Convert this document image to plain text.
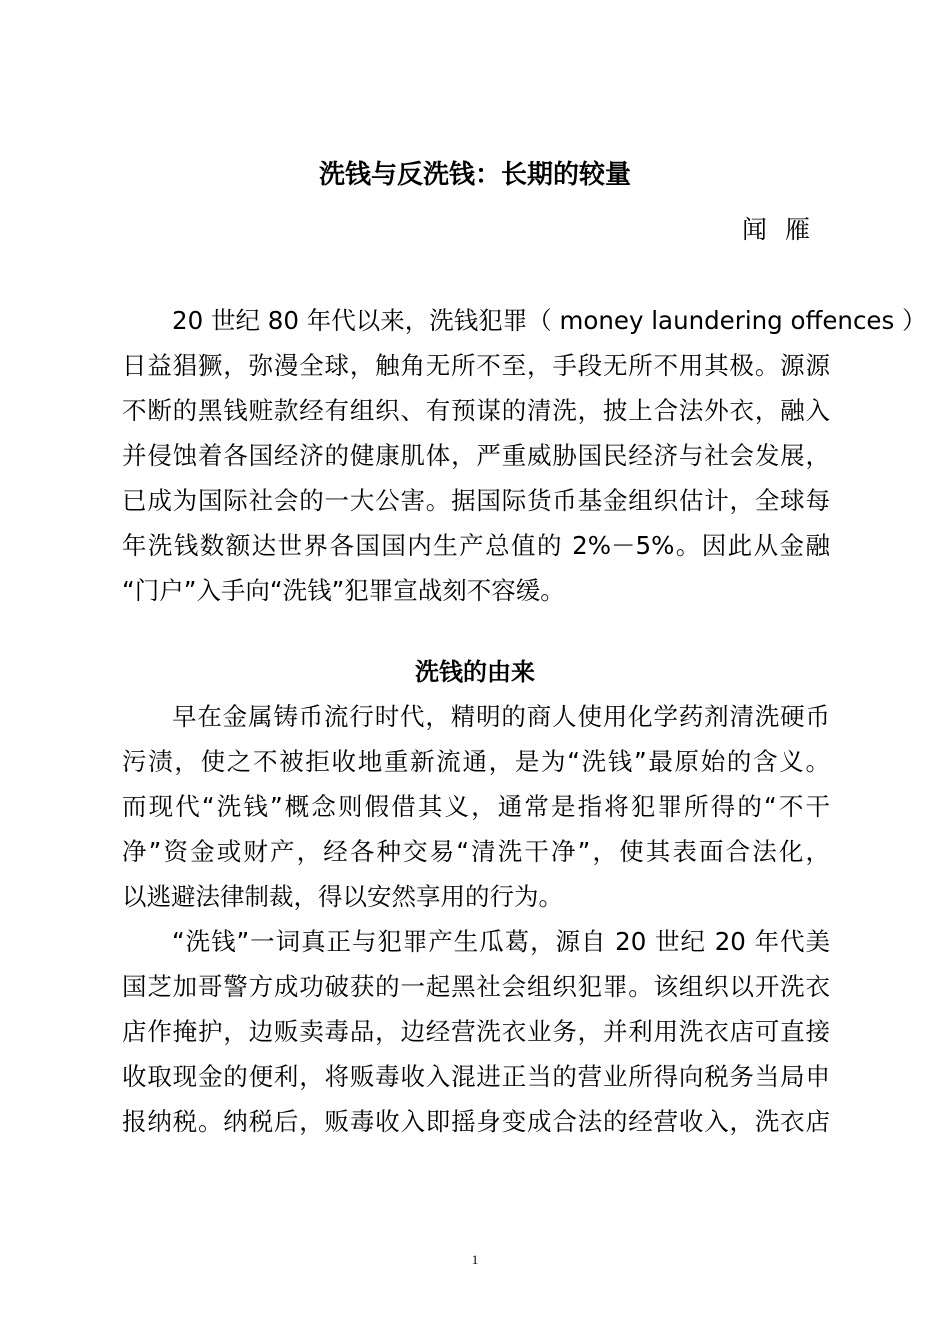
洗钱与反洗钱：长期的较量

闻雁

20 世纪 80 年代以来，洗钱犯罪（ money laundering offences ）
日益猖獗，弥漫全球，触角无所不至，手段无所不用其极。源源
不断的黑钱赃款经有组织、有预谋的清洗，披上合法外衣，融入
并侵蚀着各国经济的健康肌体，严重威胁国民经济与社会发展，
已成为国际社会的一大公害。据国际货币基金组织估计，全球每
年洗钱数额达世界各国国内生产总值的 2%－5%。因此从金融
“门户”入手向“洗钱”犯罪宣战刻不容缓。
洗钱的由来
早在金属铸币流行时代，精明的商人使用化学药剂清洗硬币
污渍，使之不被拒收地重新流通，是为“洗钱”最原始的含义。
而现代“洗钱”概念则假借其义，通常是指将犯罪所得的“不干
净”资金或财产，经各种交易“清洗干净”，使其表面合法化，
以逃避法律制裁，得以安然享用的行为。
“洗钱”一词真正与犯罪产生瓜葛，源自 20 世纪 20 年代美
国芝加哥警方成功破获的一起黑社会组织犯罪。该组织以开洗衣
店作掩护，边贩卖毒品，边经营洗衣业务，并利用洗衣店可直接
收取现金的便利，将贩毒收入混进正当的营业所得向税务当局申
报纳税。纳税后，贩毒收入即摇身变成合法的经营收入，洗衣店
1
